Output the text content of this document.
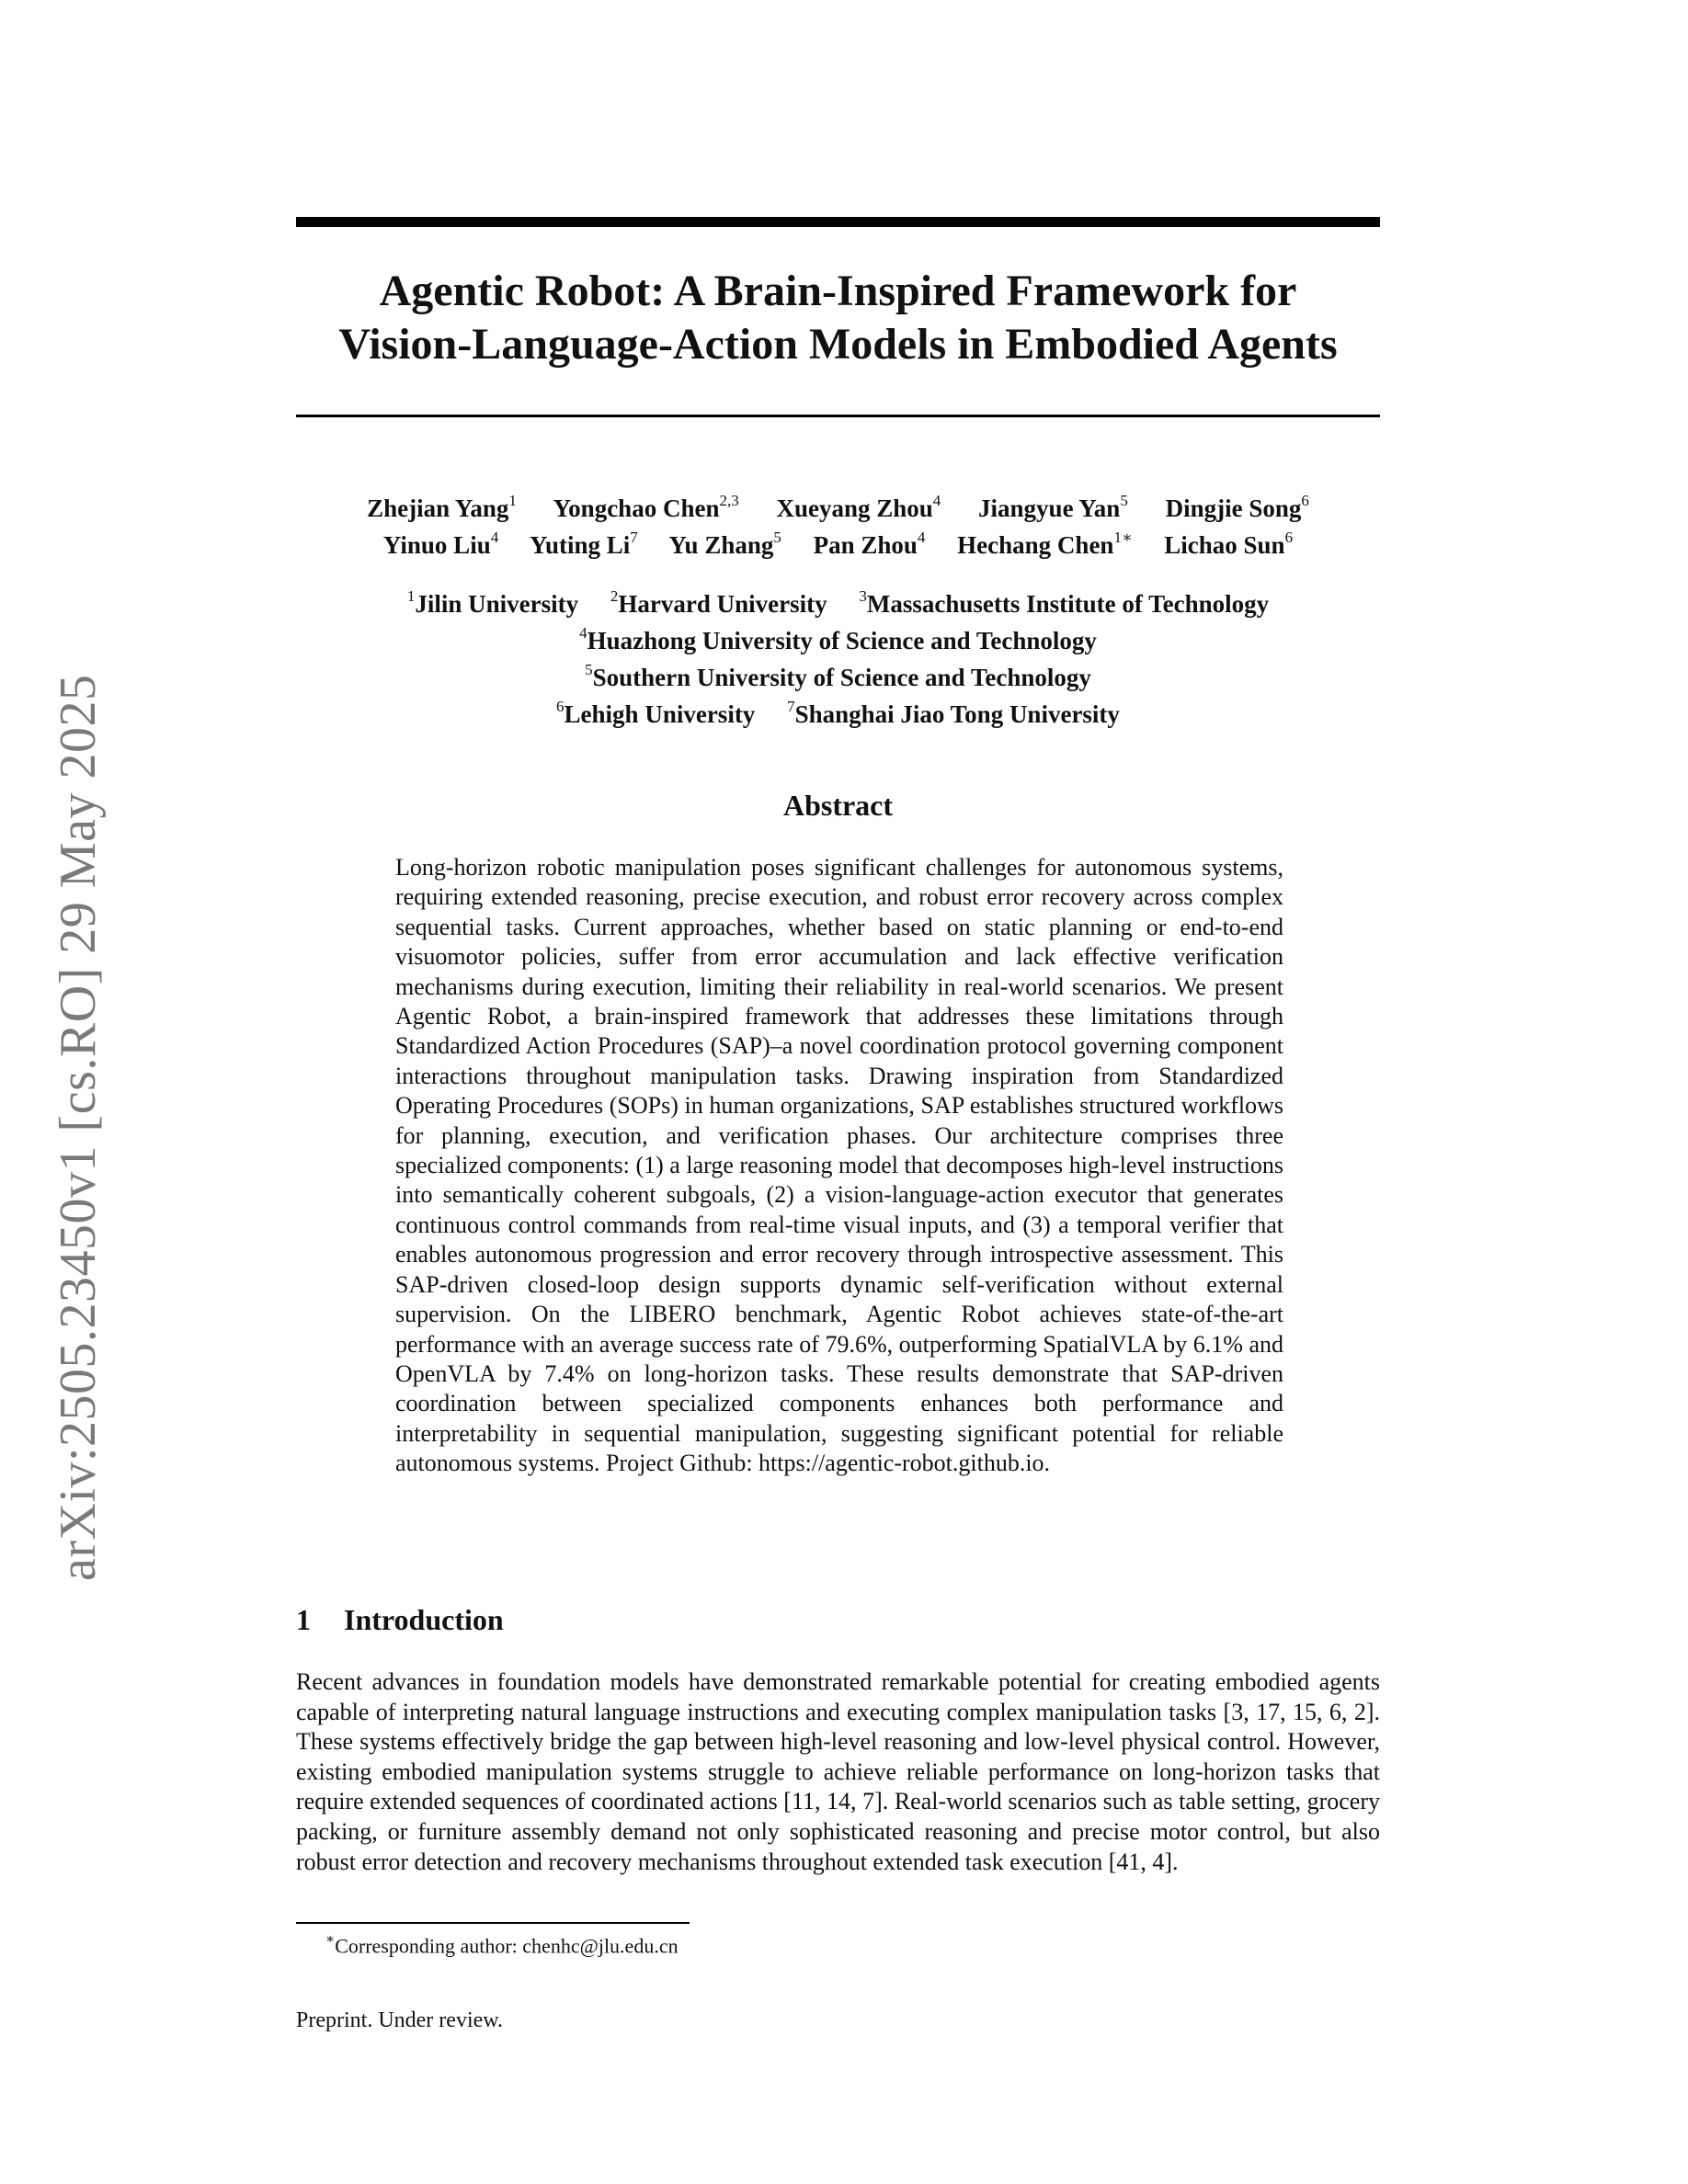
arXiv:2505.23450v1 [cs.RO] 29 May 2025
Agentic Robot: A Brain-Inspired Framework for
Vision-Language-Action Models in Embodied Agents
Zhejian Yang$^1$ Yongchao Chen$^{2,3}$ Xueyang Zhou$^4$ Jiangyue Yan$^5$ Dingjie Song$^6$
Yinuo Liu$^4$ Yuting Li$^7$ Yu Zhang$^5$ Pan Zhou$^4$ Hechang Chen$^{1∗}$ Lichao Sun$^6$
$^1$Jilin University $^2$Harvard University $^3$Massachusetts Institute of Technology
$^4$Huazhong University of Science and Technology
$^5$Southern University of Science and Technology
$^6$Lehigh University $^7$Shanghai Jiao Tong University
Abstract

Long-horizon robotic manipulation poses significant challenges for autonomous systems, requiring extended reasoning, precise execution, and robust error recovery across complex sequential tasks. Current approaches, whether based on static planning or end-to-end visuomotor policies, suffer from error accumulation and lack effective verification mechanisms during execution, limiting their reliability in real-world scenarios. We present Agentic Robot, a brain-inspired framework that addresses these limitations through Standardized Action Procedures (SAP)–a novel coordination protocol governing component interactions throughout manipulation tasks. Drawing inspiration from Standardized Operating Procedures (SOPs) in human organizations, SAP establishes structured workflows for planning, execution, and verification phases. Our architecture comprises three specialized components: (1) a large reasoning model that decomposes high-level instructions into semantically coherent subgoals, (2) a vision-language-action executor that generates continuous control commands from real-time visual inputs, and (3) a temporal verifier that enables autonomous progression and error recovery through introspective assessment. This SAP-driven closed-loop design supports dynamic self-verification without external supervision. On the LIBERO benchmark, Agentic Robot achieves state-of-the-art performance with an average success rate of 79.6%, outperforming SpatialVLA by 6.1% and OpenVLA by 7.4% on long-horizon tasks. These results demonstrate that SAP-driven coordination between specialized components enhances both performance and interpretability in sequential manipulation, suggesting significant potential for reliable autonomous systems. Project Github: https://agentic-robot.github.io.

1 Introduction

Recent advances in foundation models have demonstrated remarkable potential for creating embodied agents capable of interpreting natural language instructions and executing complex manipulation tasks [3, 17, 15, 6, 2]. These systems effectively bridge the gap between high-level reasoning and low-level physical control. However, existing embodied manipulation systems struggle to achieve reliable performance on long-horizon tasks that require extended sequences of coordinated actions [11, 14, 7]. Real-world scenarios such as table setting, grocery packing, or furniture assembly demand not only sophisticated reasoning and precise motor control, but also robust error detection and recovery mechanisms throughout extended task execution [41, 4].

∗Corresponding author: chenhc@jlu.edu.cn

Preprint. Under review.
